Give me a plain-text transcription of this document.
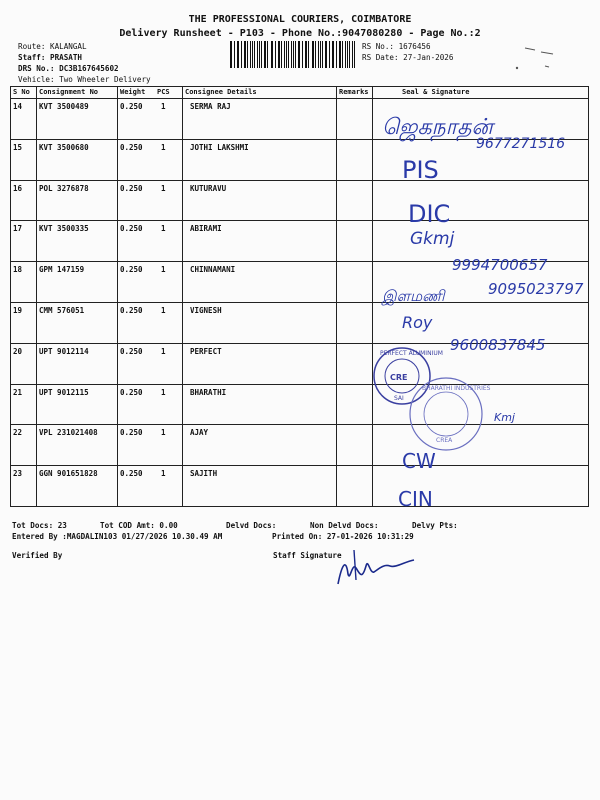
THE PROFESSIONAL COURIERS, COIMBATORE
Delivery Runsheet - P103 - Phone No.:9047080280 - Page No.:2
Route: KALANGAL
Staff: PRASATH
DRS No.: DC3B167645602
Vehicle: Two Wheeler Delivery
RS No.: 1676456
RS Date: 27-Jan-2026
S No Consignment No	Weight PCS Consignee Details	Remarks	Seal & Signature
14 KVT 3500489	0.250 1	SERMA RAJ
15 KVT 3500680	0.250 1	JOTHI LAKSHMI
16 POL 3276878	0.250 1	KUTURAVU
17 KVT 3500335	0.250 1	ABIRAMI
18 GPM 147159	0.250 1	CHINNAMANI
19 CMM 576051	0.250 1	VIGNESH
20 UPT 9012114	0.250 1	PERFECT
21 UPT 9012115	0.250 1	BHARATHI
22 VPL 231021408	0.250 1	AJAY
23 GGN 901651828	0.250 1	SAJITH
ஜெகநாதன்
9677271516
PIS
DIC
Gkmj
9994700657
இளமணி	9095023797
Roy
9600837845
Kmj
CW
CIN
PERFECT ALUMINIUM
CRE
SAI
BHARATHI INDUSTRIES
CREA
Tot Docs: 23	Tot COD Amt: 0.00	Delvd Docs:	Non Delvd Docs:	Delvy Pts:
Entered By :MAGDALIN103 01/27/2026 10.30.49 AM	Printed On: 27-01-2026 10:31:29
Verified By	Staff Signature
